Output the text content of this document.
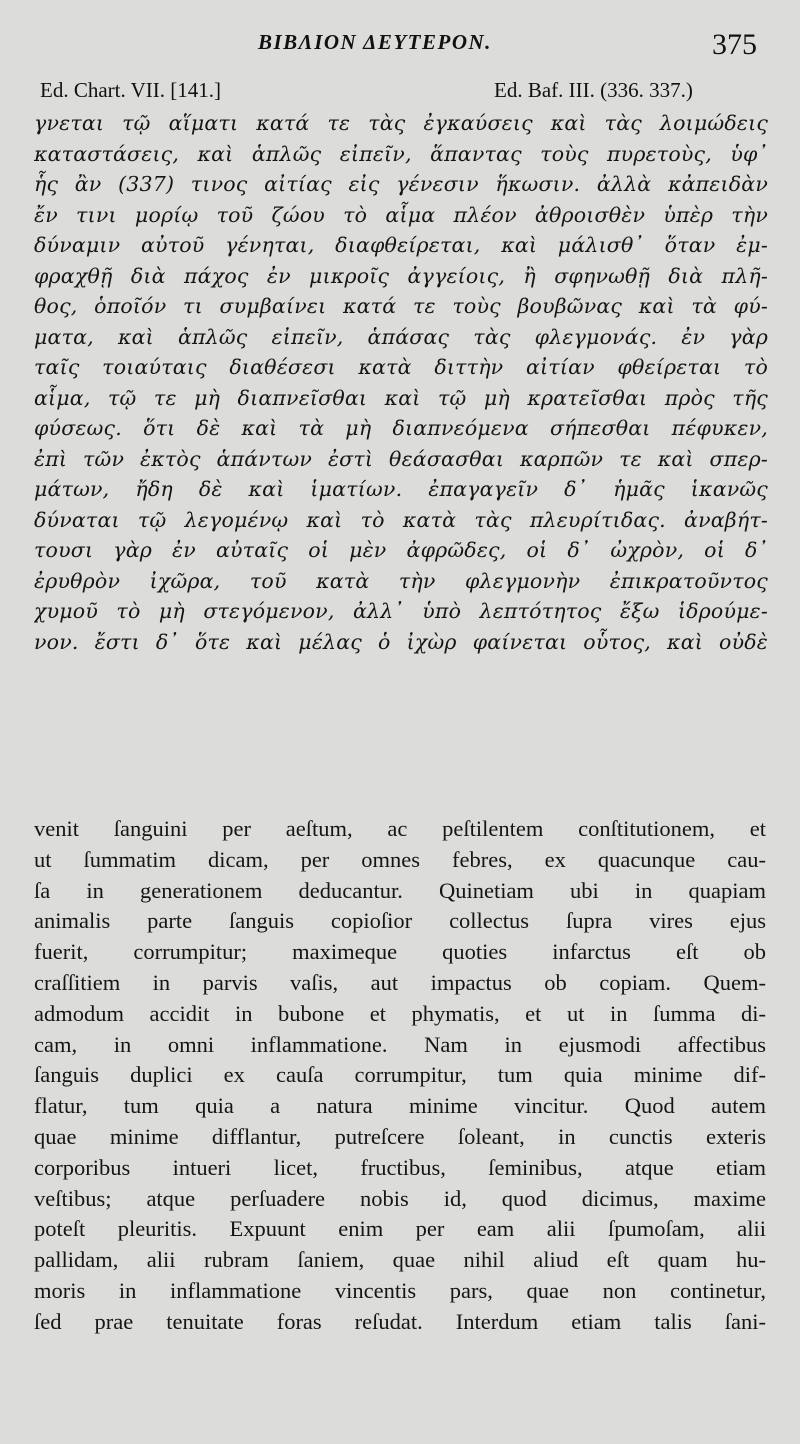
ΒΙΒΛΙΟΝ ΔΕΥΤΕΡΟΝ.	375
Ed. Chart. VII. [141.]	Ed. Baf. III. (336. 337.)
γνεται τῷ αἵματι κατά τε τὰς ἐγκαύσεις καὶ τὰς λοιμώδεις
καταστάσεις, καὶ ἁπλῶς εἰπεῖν, ἅπαντας τοὺς πυρετοὺς, ὑφ᾽
ἧς ἂν (337) τινος αἰτίας εἰς γένεσιν ἥκωσιν. ἀλλὰ κἀπειδὰν
ἔν τινι μορίῳ τοῦ ζώου τὸ αἷμα πλέον ἀθροισθὲν ὑπὲρ τὴν
δύναμιν αὐτοῦ γένηται, διαφθείρεται, καὶ μάλισθ᾽ ὅταν ἐμ-
φραχθῇ διὰ πάχος ἐν μικροῖς ἀγγείοις, ἢ σφηνωθῇ διὰ πλῆ-
θος, ὁποῖόν τι συμβαίνει κατά τε τοὺς βουβῶνας καὶ τὰ φύ-
ματα, καὶ ἁπλῶς εἰπεῖν, ἁπάσας τὰς φλεγμονάς. ἐν γὰρ
ταῖς τοιαύταις διαθέσεσι κατὰ διττὴν αἰτίαν φθείρεται τὸ
αἷμα, τῷ τε μὴ διαπνεῖσθαι καὶ τῷ μὴ κρατεῖσθαι πρὸς τῆς
φύσεως. ὅτι δὲ καὶ τὰ μὴ διαπνεόμενα σήπεσθαι πέφυκεν,
ἐπὶ τῶν ἐκτὸς ἁπάντων ἐστὶ θεάσασθαι καρπῶν τε καὶ σπερ-
μάτων, ἤδη δὲ καὶ ἱματίων. ἐπαγαγεῖν δ᾽ ἡμᾶς ἱκανῶς
δύναται τῷ λεγομένῳ καὶ τὸ κατὰ τὰς πλευρίτιδας. ἀναβήτ-
τουσι γὰρ ἐν αὐταῖς οἱ μὲν ἀφρῶδες, οἱ δ᾽ ὠχρὸν, οἱ δ᾽
ἐρυθρὸν ἰχῶρα, τοῦ κατὰ τὴν φλεγμονὴν ἐπικρατοῦντος
χυμοῦ τὸ μὴ στεγόμενον, ἀλλ᾽ ὑπὸ λεπτότητος ἔξω ἱδρούμε-
νον. ἔστι δ᾽ ὅτε καὶ μέλας ὁ ἰχὼρ φαίνεται οὗτος, καὶ οὐδὲ
venit ſanguini per aeſtum, ac peſtilentem conſtitutionem, et
ut ſummatim dicam, per omnes febres, ex quacunque cau-
ſa in generationem deducantur. Quinetiam ubi in quapiam
animalis parte ſanguis copioſior collectus ſupra vires ejus
fuerit, corrumpitur; maximeque quoties infarctus eſt ob
craſſitiem in parvis vaſis, aut impactus ob copiam. Quem-
admodum accidit in bubone et phymatis, et ut in ſumma di-
cam, in omni inflammatione. Nam in ejusmodi affectibus
ſanguis duplici ex cauſa corrumpitur, tum quia minime dif-
flatur, tum quia a natura minime vincitur. Quod autem
quae minime difflantur, putreſcere ſoleant, in cunctis exteris
corporibus intueri licet, fructibus, ſeminibus, atque etiam
veſtibus; atque perſuadere nobis id, quod dicimus, maxime
poteſt pleuritis. Expuunt enim per eam alii ſpumoſam, alii
pallidam, alii rubram ſaniem, quae nihil aliud eſt quam hu-
moris in inflammatione vincentis pars, quae non continetur,
ſed prae tenuitate foras reſudat. Interdum etiam talis ſani-
